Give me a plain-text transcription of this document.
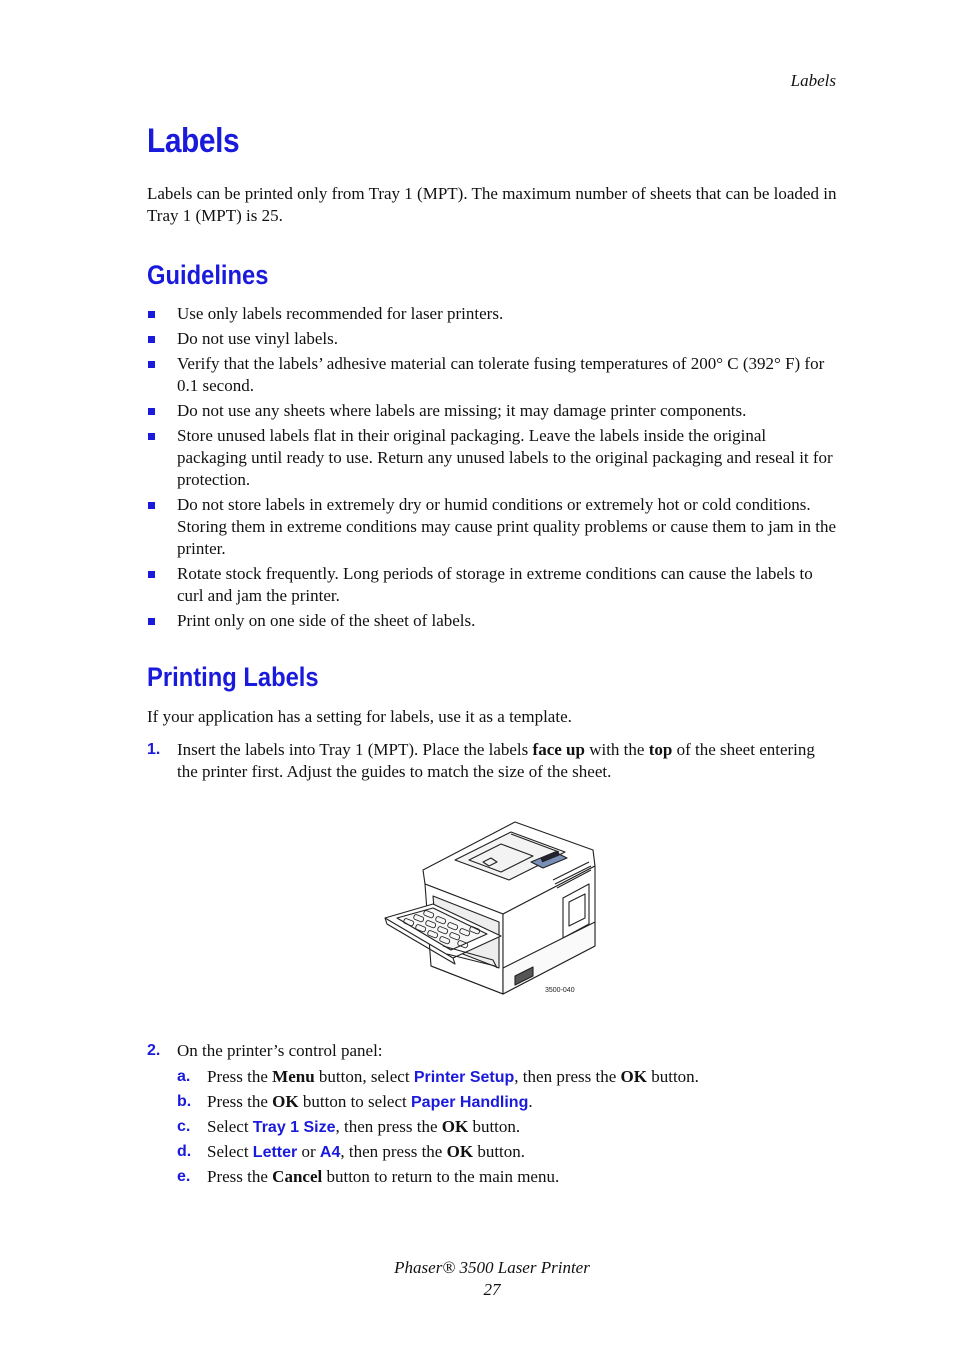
Labels
Labels

Labels can be printed only from Tray 1 (MPT). The maximum number of sheets that can be loaded in Tray 1 (MPT) is 25.

Guidelines
Use only labels recommended for laser printers.
Do not use vinyl labels.
Verify that the labels’ adhesive material can tolerate fusing temperatures of 200° C (392° F) for 0.1 second.
Do not use any sheets where labels are missing; it may damage printer components.
Store unused labels flat in their original packaging. Leave the labels inside the original packaging until ready to use. Return any unused labels to the original packaging and reseal it for protection.
Do not store labels in extremely dry or humid conditions or extremely hot or cold conditions. Storing them in extreme conditions may cause print quality problems or cause them to jam in the printer.
Rotate stock frequently. Long periods of storage in extreme conditions can cause the labels to curl and jam the printer.
Print only on one side of the sheet of labels.
Printing Labels

If your application has a setting for labels, use it as a template.

1. Insert the labels into Tray 1 (MPT). Place the labels face up with the top of the sheet entering the printer first. Adjust the guides to match the size of the sheet.
3500-040
2. On the printer’s control panel:
a. Press the Menu button, select Printer Setup, then press the OK button.
b. Press the OK button to select Paper Handling.
c. Select Tray 1 Size, then press the OK button.
d. Select Letter or A4, then press the OK button.
e. Press the Cancel button to return to the main menu.
Phaser® 3500 Laser Printer
27
